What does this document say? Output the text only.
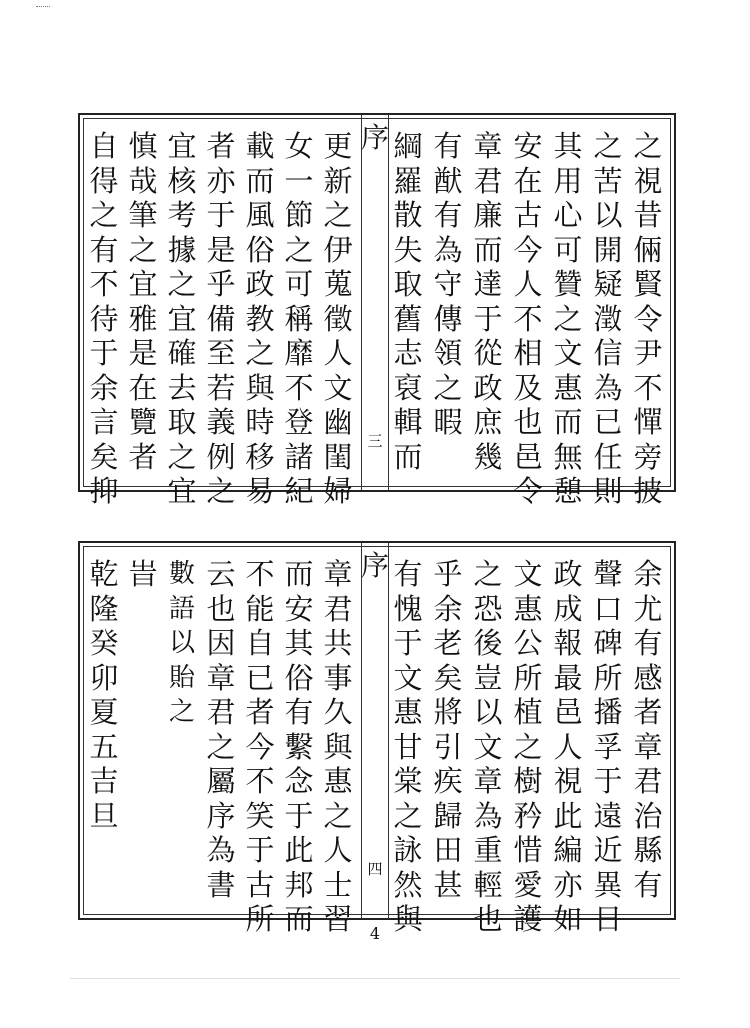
序
三
之
視
昔
倆
賢
令
尹
不
憚
旁
披
之
苦
以
開
疑
澂
信
為
已
任
則
其
用
心
可
贊
之
文
惠
而
無
憩
安
在
古
今
人
不
相
及
也
邑
令
章
君
廉
而
達
于
從
政
庶
幾
有
猷
有
為
守
傳
領
之
暇
綱
羅
散
失
取
舊
志
裒
輯
而
更
新
之
伊
蒐
徵
人
文
幽
閨
婦
女
一
節
之
可
稱
靡
不
登
諸
紀
載
而
風
俗
政
教
之
與
時
移
易
者
亦
于
是
乎
備
至
若
義
例
之
宜
核
考
據
之
宜
確
去
取
之
宜
慎
哉
筆
之
宜
雅
是
在
覽
者
自
得
之
有
不
待
于
余
言
矣
抑
序
四
余
尤
有
感
者
章
君
治
縣
有
聲
口
碑
所
播
孚
于
遠
近
異
日
政
成
報
最
邑
人
視
此
編
亦
如
文
惠
公
所
植
之
樹
矜
惜
愛
護
之
恐
後
豈
以
文
章
為
重
輕
也
乎
余
老
矣
將
引
疾
歸
田
甚
有
愧
于
文
惠
甘
棠
之
詠
然
與
章
君
共
事
久
與
惠
之
人
士
習
而
安
其
俗
有
繫
念
于
此
邦
而
不
能
自
已
者
今
不
笑
于
古
所
云
也
因
章
君
之
屬
序
為
書
數
語
以
貽
之
旹
乾
隆
癸
卯
夏
五
吉
旦
4
